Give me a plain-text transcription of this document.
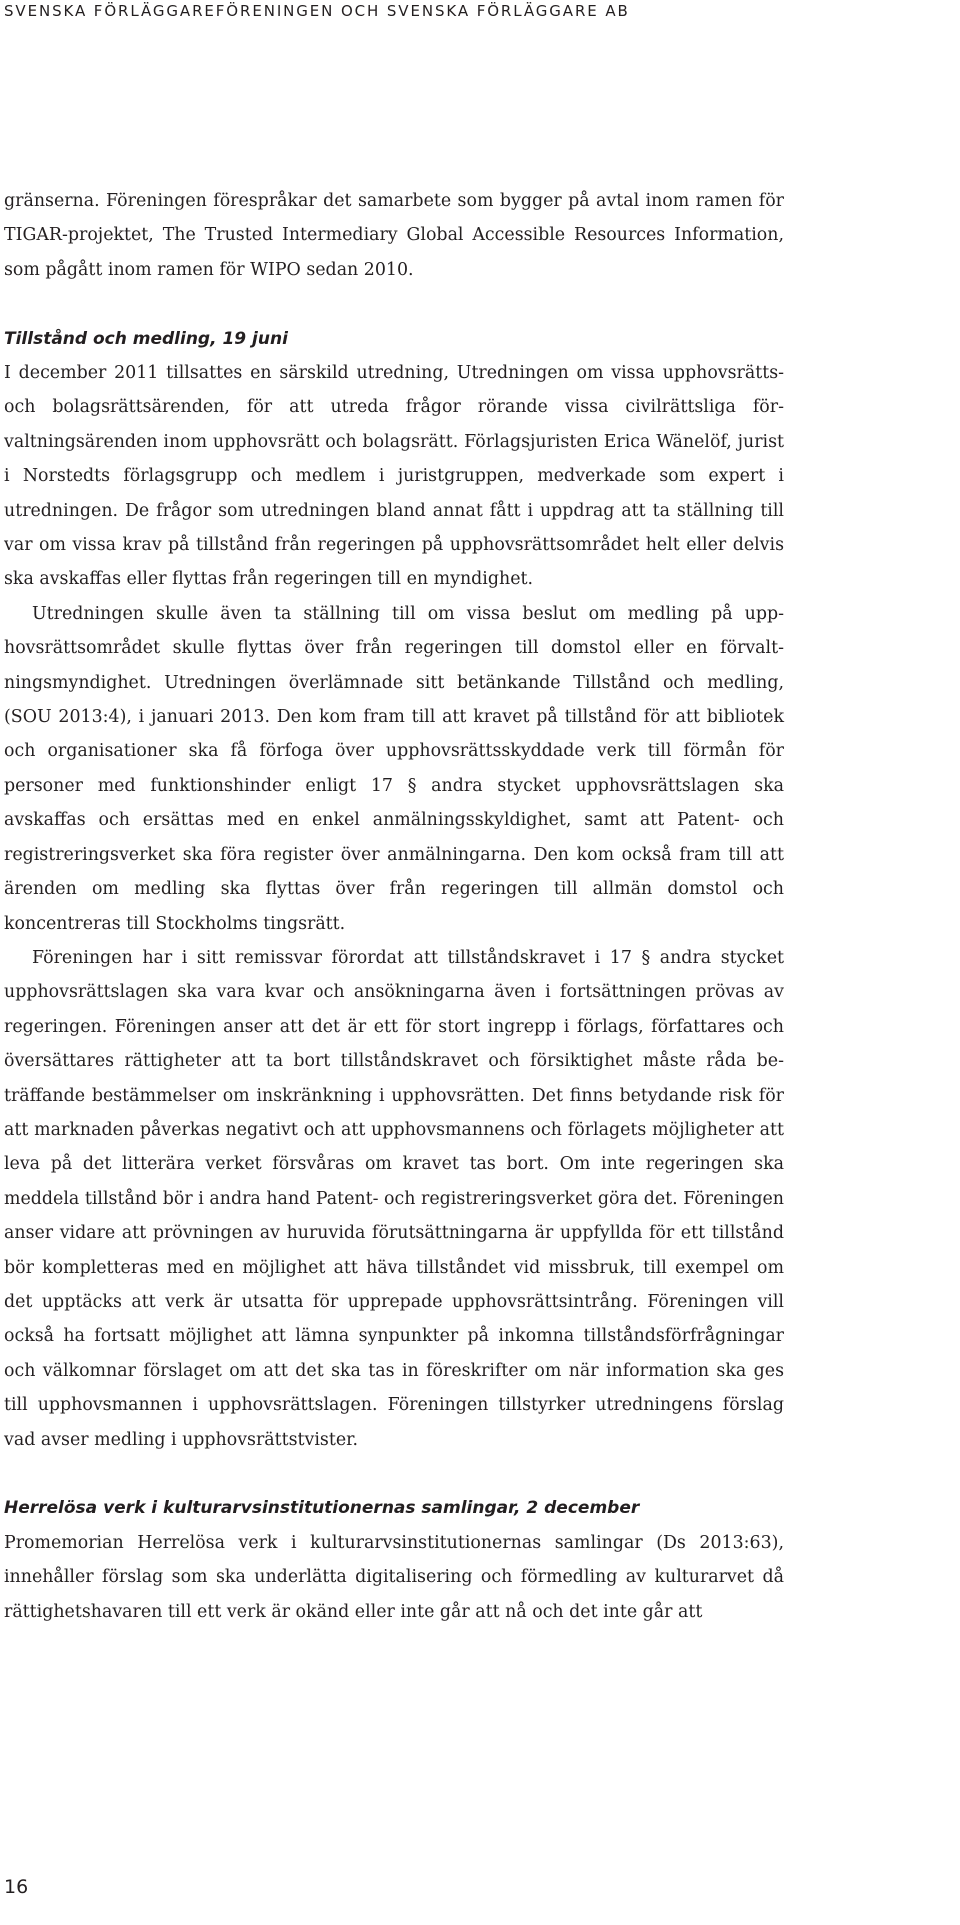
SVENSKA FÖRLÄGGAREFÖRENINGEN OCH SVENSKA FÖRLÄGGARE AB

gränserna. Föreningen förespråkar det samarbete som bygger på avtal inom ramen för TIGAR-projektet, The Trusted Intermediary Global Accessible Resources Information, som pågått inom ramen för WIPO sedan 2010.

Tillstånd och medling, 19 juni

I december 2011 tillsattes en särskild utredning, Utredningen om vissa upphovsrätts- och bolagsrättsärenden, för att utreda frågor rörande vissa civilrättsliga förvaltningsärenden inom upphovsrätt och bolagsrätt. Förlagsjuristen Erica Wänelöf, jurist i Norstedts förlagsgrupp och medlem i juristgruppen, medverkade som expert i utredningen. De frågor som utredningen bland annat fått i uppdrag att ta ställning till var om vissa krav på tillstånd från regeringen på upphovsrättsområdet helt eller delvis ska avskaffas eller flyttas från regeringen till en myndighet.

Utredningen skulle även ta ställning till om vissa beslut om medling på upphovsrättsområdet skulle flyttas över från regeringen till domstol eller en förvaltningsmyndighet. Utredningen överlämnade sitt betänkande Tillstånd och medling, (SOU 2013:4), i januari 2013. Den kom fram till att kravet på tillstånd för att bibliotek och organisationer ska få förfoga över upphovsrättsskyddade verk till förmån för personer med funktionshinder enligt 17 § andra stycket upphovsrättslagen ska avskaffas och ersättas med en enkel anmälningsskyldighet, samt att Patent- och registreringsverket ska föra register över anmälningarna. Den kom också fram till att ärenden om medling ska flyttas över från regeringen till allmän domstol och koncentreras till Stockholms tingsrätt.

Föreningen har i sitt remissvar förordat att tillståndskravet i 17 § andra stycket upphovsrättslagen ska vara kvar och ansökningarna även i fortsättningen prövas av regeringen. Föreningen anser att det är ett för stort ingrepp i förlags, författares och översättares rättigheter att ta bort tillståndskravet och försiktighet måste råda beträffande bestämmelser om inskränkning i upphovsrätten. Det finns betydande risk för att marknaden påverkas negativt och att upphovsmannens och förlagets möjligheter att leva på det litterära verket försvåras om kravet tas bort. Om inte regeringen ska meddela tillstånd bör i andra hand Patent- och registreringsverket göra det. Föreningen anser vidare att prövningen av huruvida förutsättningarna är uppfyllda för ett tillstånd bör kompletteras med en möjlighet att häva tillståndet vid missbruk, till exempel om det upptäcks att verk är utsatta för upprepade upphovsrättsintrång. Föreningen vill också ha fortsatt möjlighet att lämna synpunkter på inkomna tillståndsförfrågningar och välkomnar förslaget om att det ska tas in föreskrifter om när information ska ges till upphovsmannen i upphovsrättslagen. Föreningen tillstyrker utredningens förslag vad avser medling i upphovsrättstvister.

Herrelösa verk i kulturarvsinstitutionernas samlingar, 2 december

Promemorian Herrelösa verk i kulturarvsinstitutionernas samlingar (Ds 2013:63), innehåller förslag som ska underlätta digitalisering och förmedling av kulturarvet då rättighetshavaren till ett verk är okänd eller inte går att nå och det inte går att

16
